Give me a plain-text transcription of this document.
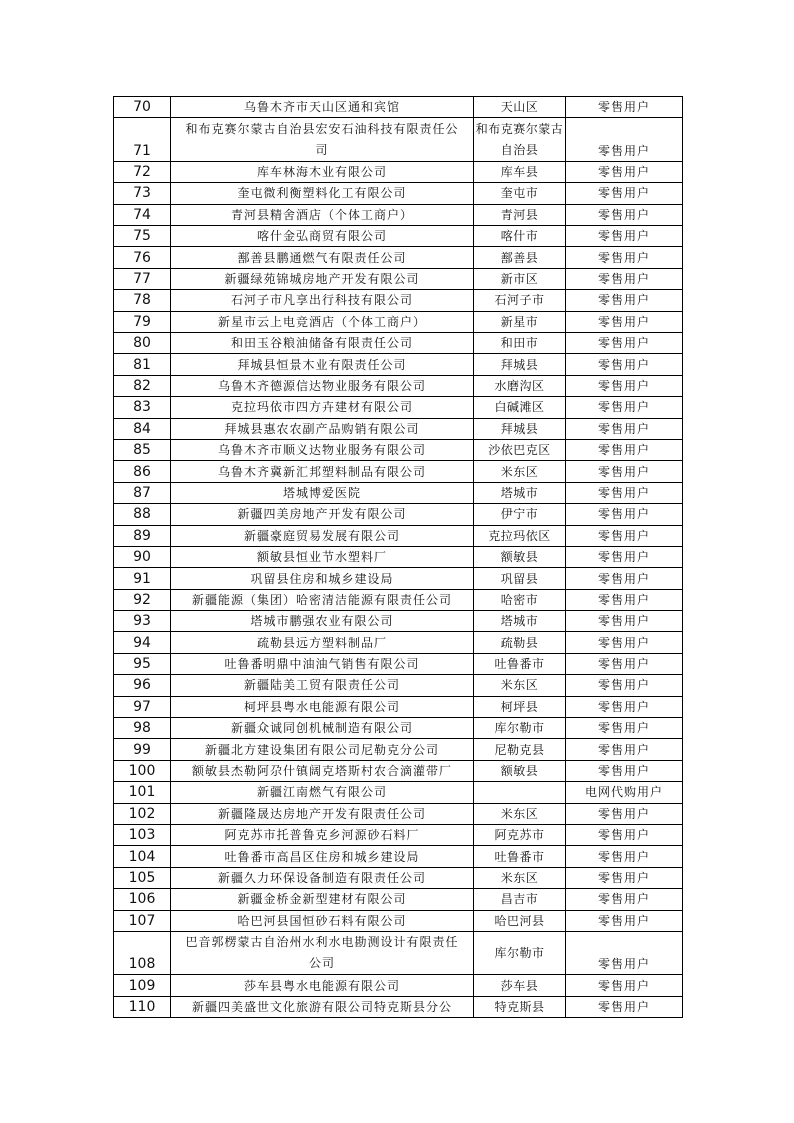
70	乌鲁木齐市天山区通和宾馆	天山区	零售用户
71	和布克赛尔蒙古自治县宏安石油科技有限责任公司	和布克赛尔蒙古自治县	零售用户
72	库车林海木业有限公司	库车县	零售用户
73	奎屯微利衡塑料化工有限公司	奎屯市	零售用户
74	青河县精舍酒店（个体工商户）	青河县	零售用户
75	喀什金弘商贸有限公司	喀什市	零售用户
76	鄯善县鹏通燃气有限责任公司	鄯善县	零售用户
77	新疆绿苑锦城房地产开发有限公司	新市区	零售用户
78	石河子市凡享出行科技有限公司	石河子市	零售用户
79	新星市云上电竞酒店（个体工商户）	新星市	零售用户
80	和田玉谷粮油储备有限责任公司	和田市	零售用户
81	拜城县恒景木业有限责任公司	拜城县	零售用户
82	乌鲁木齐德源信达物业服务有限公司	水磨沟区	零售用户
83	克拉玛依市四方卉建材有限公司	白碱滩区	零售用户
84	拜城县惠农农副产品购销有限公司	拜城县	零售用户
85	乌鲁木齐市顺义达物业服务有限公司	沙依巴克区	零售用户
86	乌鲁木齐冀新汇邦塑料制品有限公司	米东区	零售用户
87	塔城博爱医院	塔城市	零售用户
88	新疆四美房地产开发有限公司	伊宁市	零售用户
89	新疆豪庭贸易发展有限公司	克拉玛依区	零售用户
90	额敏县恒业节水塑料厂	额敏县	零售用户
91	巩留县住房和城乡建设局	巩留县	零售用户
92	新疆能源（集团）哈密清洁能源有限责任公司	哈密市	零售用户
93	塔城市鹏强农业有限公司	塔城市	零售用户
94	疏勒县远方塑料制品厂	疏勒县	零售用户
95	吐鲁番明鼎中油油气销售有限公司	吐鲁番市	零售用户
96	新疆陆美工贸有限责任公司	米东区	零售用户
97	柯坪县粤水电能源有限公司	柯坪县	零售用户
98	新疆众诚同创机械制造有限公司	库尔勒市	零售用户
99	新疆北方建设集团有限公司尼勒克分公司	尼勒克县	零售用户
100	额敏县杰勒阿尕什镇阔克塔斯村农合滴灌带厂	额敏县	零售用户
101	新疆江南燃气有限公司		电网代购用户
102	新疆隆晟达房地产开发有限责任公司	米东区	零售用户
103	阿克苏市托普鲁克乡河源砂石料厂	阿克苏市	零售用户
104	吐鲁番市高昌区住房和城乡建设局	吐鲁番市	零售用户
105	新疆久力环保设备制造有限责任公司	米东区	零售用户
106	新疆金桥金新型建材有限公司	昌吉市	零售用户
107	哈巴河县国恒砂石料有限公司	哈巴河县	零售用户
108	巴音郭楞蒙古自治州水利水电勘测设计有限责任公司	库尔勒市	零售用户
109	莎车县粤水电能源有限公司	莎车县	零售用户
110	新疆四美盛世文化旅游有限公司特克斯县分公	特克斯县	零售用户
